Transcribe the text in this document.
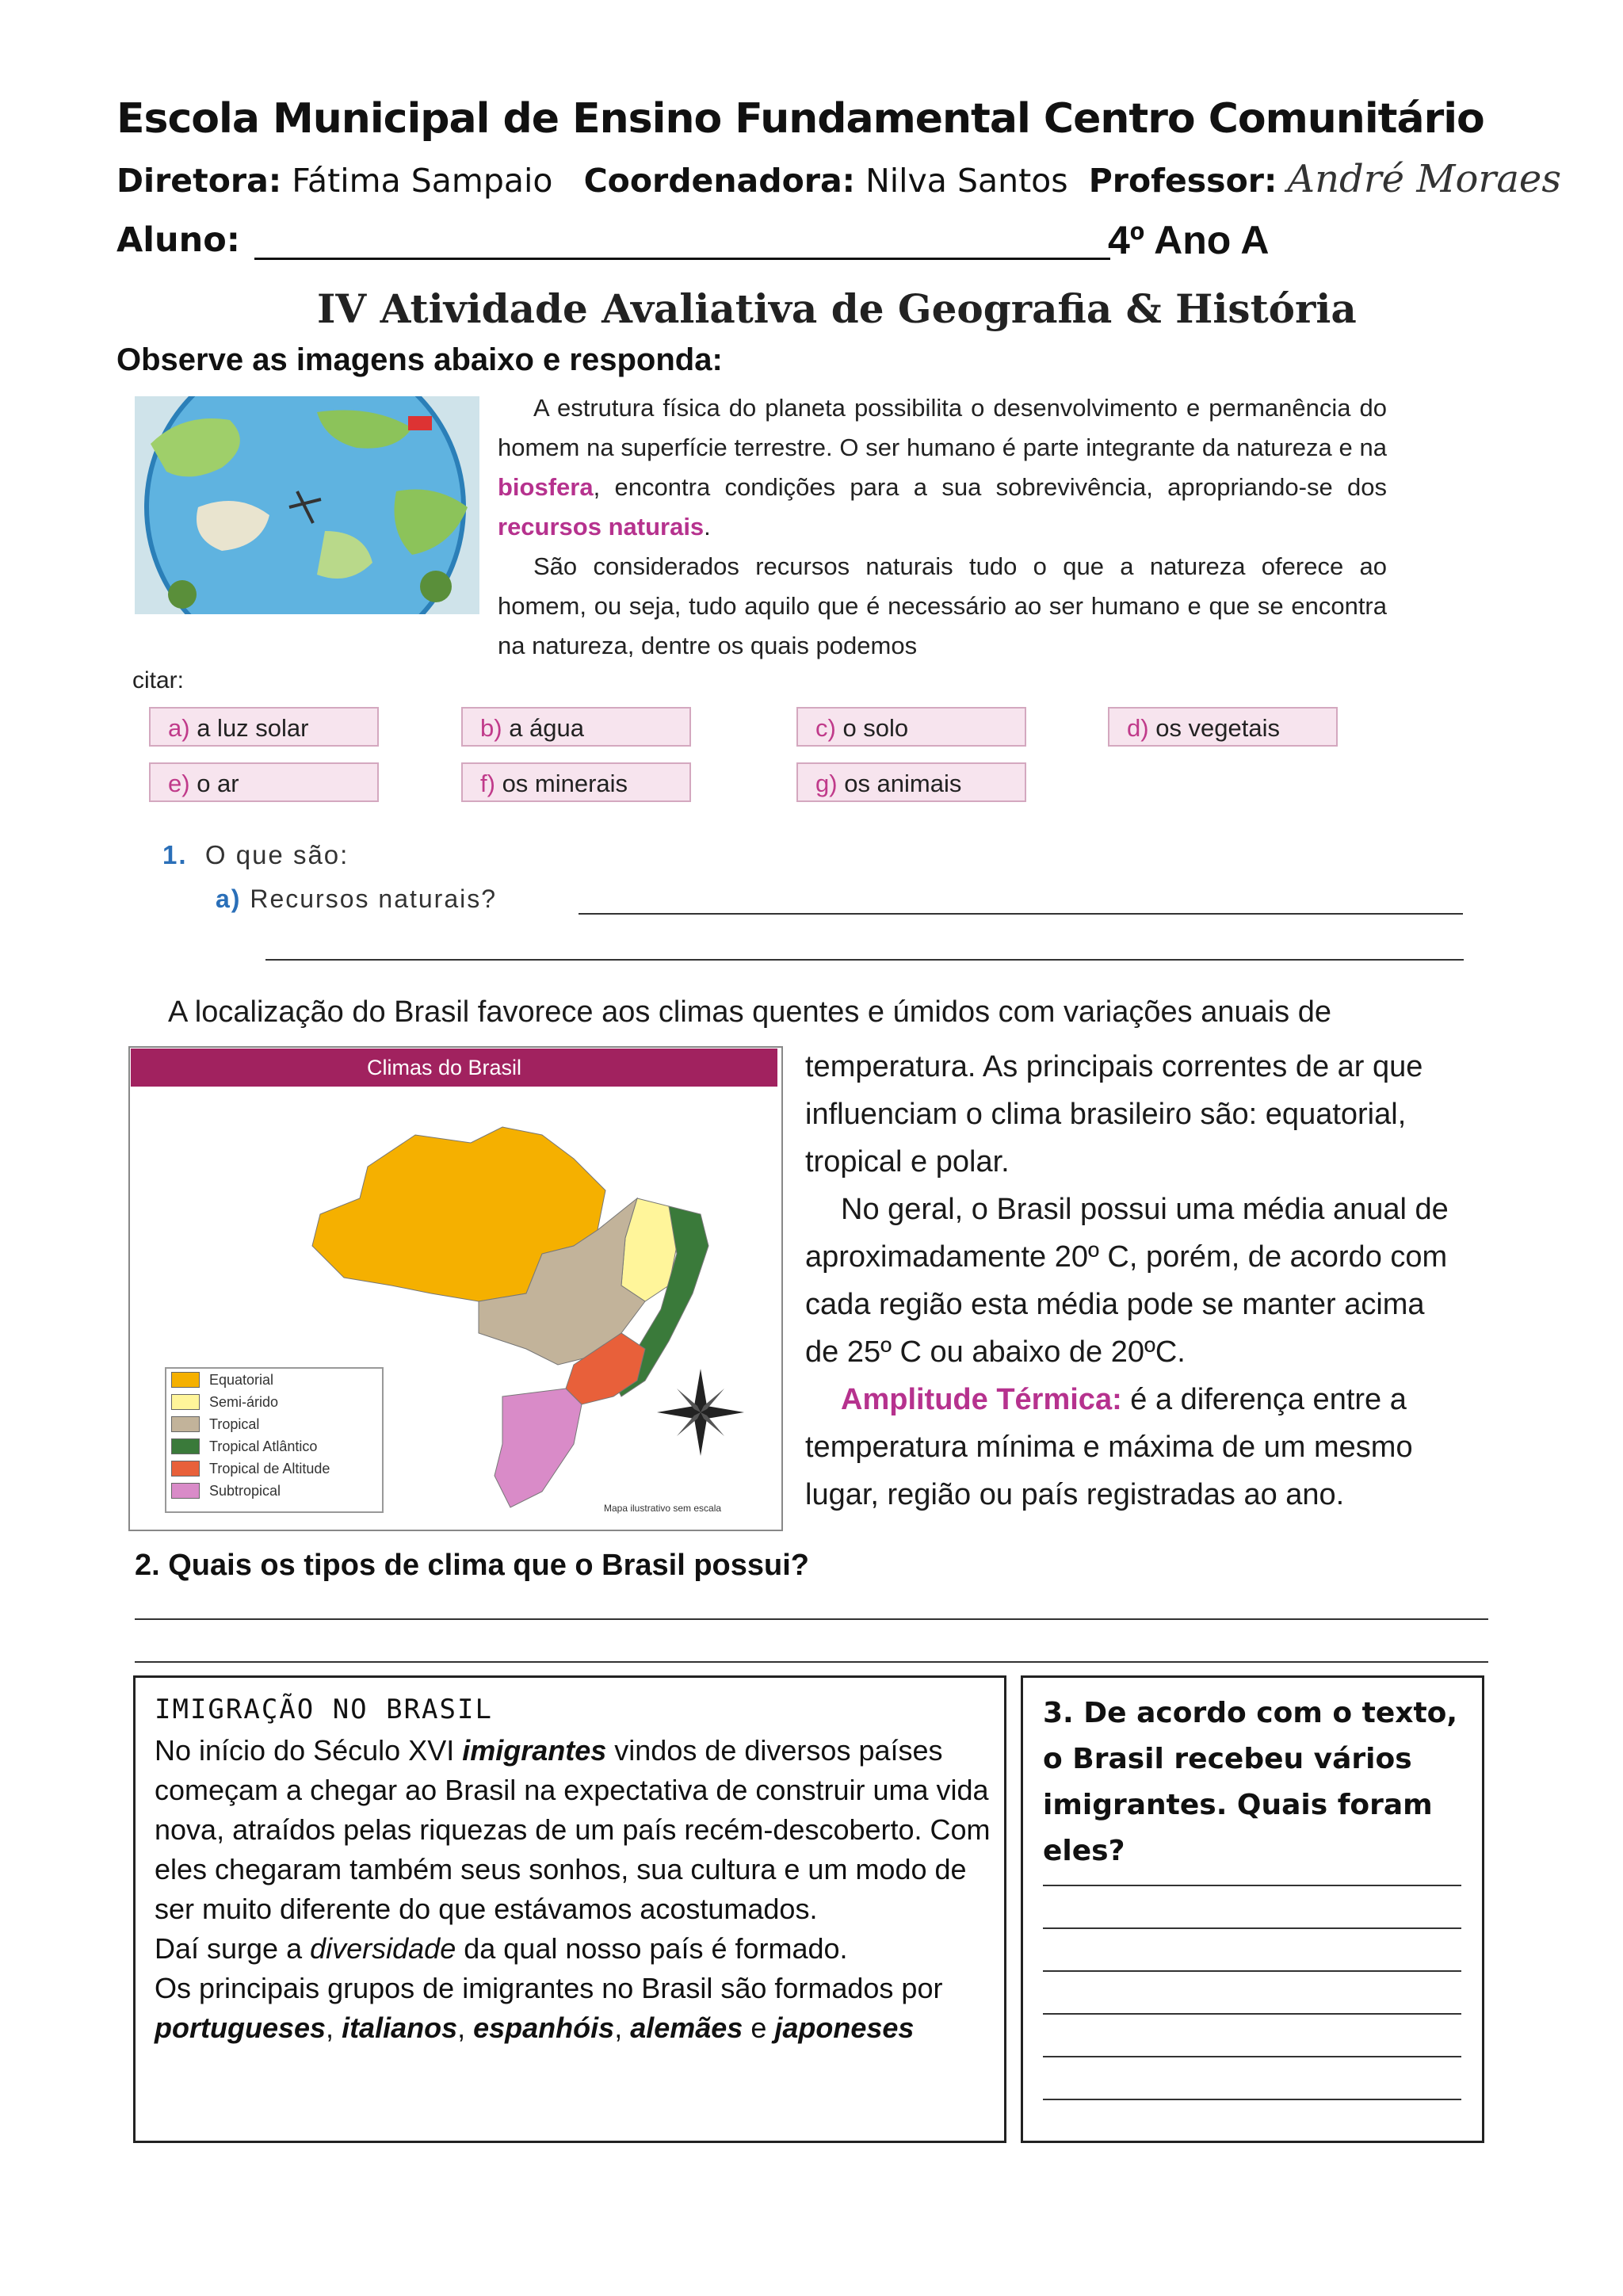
Escola Municipal de Ensino Fundamental Centro Comunitário
Diretora: Fátima Sampaio Coordenadora: Nilva Santos Professor: André Moraes
Aluno:	4º Ano A
IV Atividade Avaliativa de Geografia & História
Observe as imagens abaixo e responda:
A estrutura física do planeta possibilita o desenvolvimento e permanência do homem na superfície terrestre. O ser humano é parte integrante da natureza e na biosfera, encontra condições para a sua sobrevivência, apropriando-se dos recursos naturais.
São considerados recursos naturais tudo o que a natureza oferece ao homem, ou seja, tudo aquilo que é necessário ao ser humano e que se encontra na natureza, dentre os quais podemos
citar:
a) a luz solar	b) a água	c) o solo	d) os vegetais
e) o ar	f) os minerais	g) os animais
1. O que são:
a) Recursos naturais?
A localização do Brasil favorece aos climas quentes e úmidos com variações anuais de
Climas do Brasil
Equatorial
Semi-árido
Tropical
Tropical Atlântico
Tropical de Altitude
Subtropical
Mapa ilustrativo sem escala

temperatura. As principais correntes de ar que influenciam o clima brasileiro são: equatorial, tropical e polar.

No geral, o Brasil possui uma média anual de aproximadamente 20º C, porém, de acordo com cada região esta média pode se manter acima de 25º C ou abaixo de 20ºC.

Amplitude Térmica: é a diferença entre a temperatura mínima e máxima de um mesmo lugar, região ou país registradas ao ano.

2. Quais os tipos de clima que o Brasil possui?
IMIGRAÇÃO NO BRASIL

No início do Século XVI imigrantes vindos de diversos países começam a chegar ao Brasil na expectativa de construir uma vida nova, atraídos pelas riquezas de um país recém-descoberto. Com eles chegaram também seus sonhos, sua cultura e um modo de ser muito diferente do que estávamos acostumados.

Daí surge a diversidade da qual nosso país é formado.

Os principais grupos de imigrantes no Brasil são formados por portugueses, italianos, espanhóis, alemães e japoneses

3. De acordo com o texto, o Brasil recebeu vários imigrantes. Quais foram eles?
